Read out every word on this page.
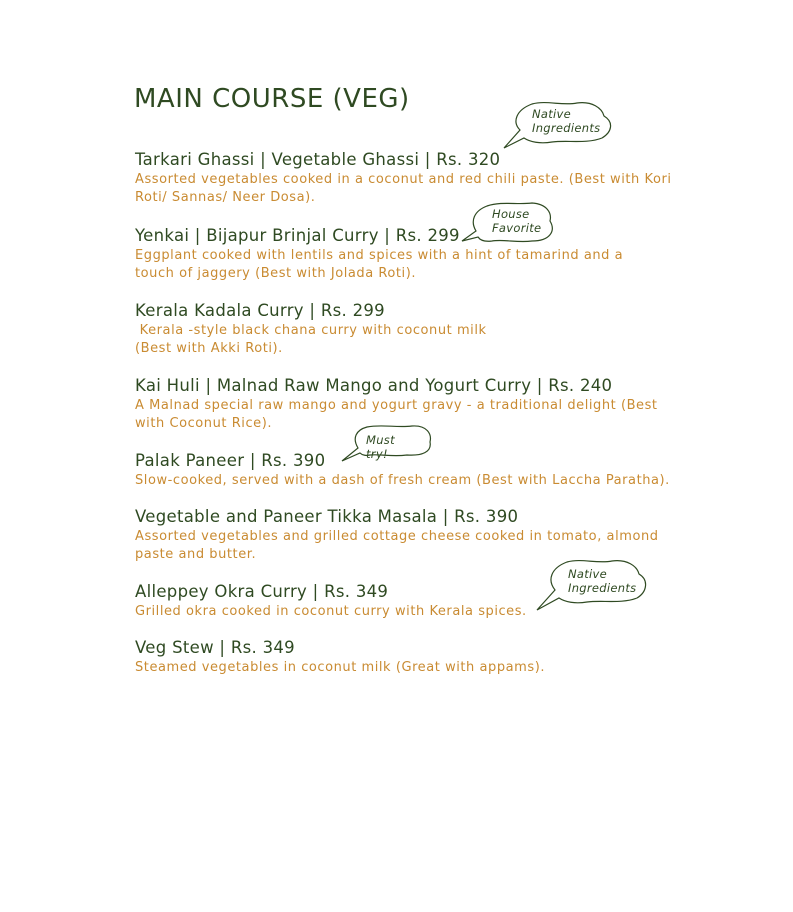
MAIN COURSE (VEG)
Tarkari Ghassi | Vegetable Ghassi | Rs. 320
Assorted vegetables cooked in a coconut and red chili paste. (Best with Kori Roti/ Sannas/ Neer Dosa).
Yenkai | Bijapur Brinjal Curry | Rs. 299
Eggplant cooked with lentils and spices with a hint of tamarind and a touch of jaggery (Best with Jolada Roti).
Kerala Kadala Curry | Rs. 299
Kerala -style black chana curry with coconut milk
(Best with Akki Roti).
Kai Huli | Malnad Raw Mango and Yogurt Curry | Rs. 240
A Malnad special raw mango and yogurt gravy - a traditional delight (Best with Coconut Rice).
Palak Paneer | Rs. 390
Slow-cooked, served with a dash of fresh cream (Best with Laccha Paratha).
Vegetable and Paneer Tikka Masala | Rs. 390
Assorted vegetables and grilled cottage cheese cooked in tomato, almond paste and butter.
Alleppey Okra Curry | Rs. 349
Grilled okra cooked in coconut curry with Kerala spices.
Veg Stew | Rs. 349
Steamed vegetables in coconut milk (Great with appams).
Native
Ingredients
House
Favorite
Must try!
Native
Ingredients
